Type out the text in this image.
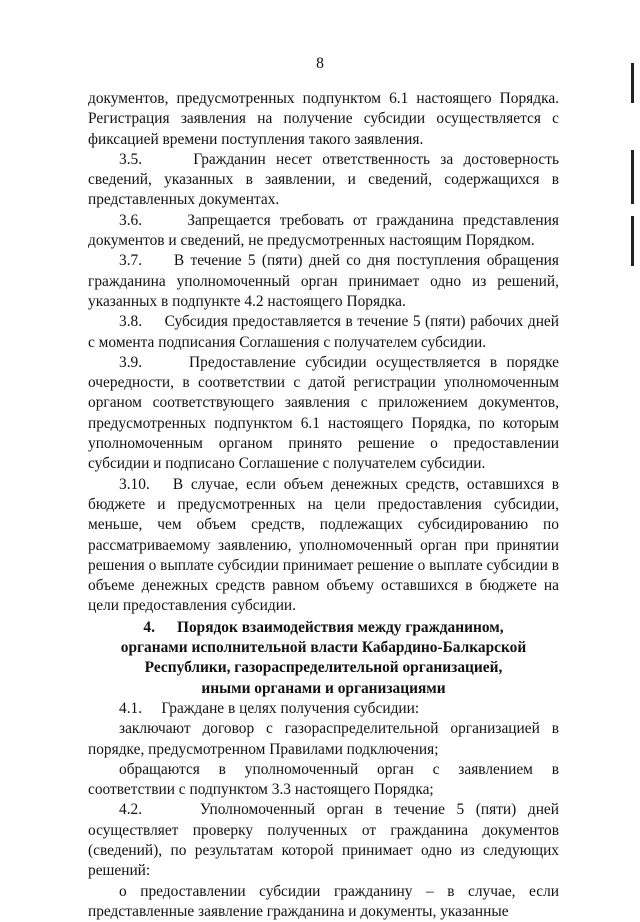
8

документов, предусмотренных подпунктом 6.1 настоящего Порядка. Регистрация заявления на получение субсидии осуществляется с фиксацией времени поступления такого заявления.

3.5.     Гражданин несет ответственность за достоверность сведений, указанных в заявлении, и сведений, содержащихся в представленных документах.

3.6.     Запрещается требовать от гражданина представления документов и сведений, не предусмотренных настоящим Порядком.

3.7.     В течение 5 (пяти) дней со дня поступления обращения гражданина уполномоченный орган принимает одно из решений, указанных в подпункте 4.2 настоящего Порядка.

3.8.     Субсидия предоставляется в течение 5 (пяти) рабочих дней с момента подписания Соглашения с получателем субсидии.

3.9.     Предоставление субсидии осуществляется в порядке очередности, в соответствии с датой регистрации уполномоченным органом соответствующего заявления с приложением документов, предусмотренных подпунктом 6.1 настоящего Порядка, по которым уполномоченным органом принято решение о предоставлении субсидии и подписано Соглашение с получателем субсидии.

3.10.   В случае, если объем денежных средств, оставшихся в бюджете и предусмотренных на цели предоставления субсидии, меньше, чем объем средств, подлежащих субсидированию по рассматриваемому заявлению, уполномоченный орган при принятии решения о выплате субсидии принимает решение о выплате субсидии в объеме денежных средств равном объему оставшихся в бюджете на цели предоставления субсидии.

4. Порядок взаимодействия между гражданином,
органами исполнительной власти Кабардино-Балкарской
Республики, газораспределительной организацией,
иными органами и организациями

4.1.     Граждане в целях получения субсидии:

заключают договор с газораспределительной организацией в порядке, предусмотренном Правилами подключения;

обращаются в уполномоченный орган с заявлением в соответствии с подпунктом 3.3 настоящего Порядка;

4.2.     Уполномоченный орган в течение 5 (пяти) дней осуществляет проверку полученных от гражданина документов (сведений), по результатам которой принимает одно из следующих решений:

о предоставлении субсидии гражданину – в случае, если представленные заявление гражданина и документы, указанные
